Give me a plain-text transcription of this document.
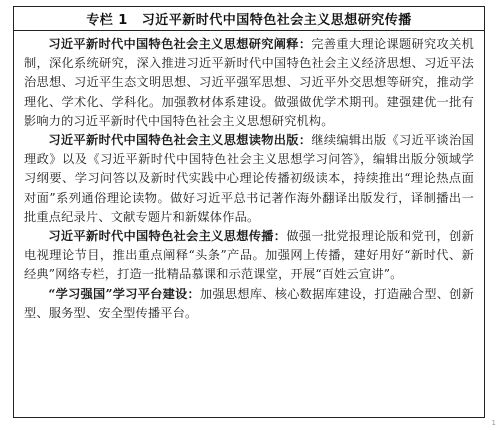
专栏 1 习近平新时代中国特色社会主义思想研究传播

习近平新时代中国特色社会主义思想研究阐释：完善重大理论课题研究攻关机制，深化系统研究，深入推进习近平新时代中国特色社会主义经济思想、习近平法治思想、习近平生态文明思想、习近平强军思想、习近平外交思想等研究，推动学理化、学术化、学科化。加强教材体系建设。做强做优学术期刊。建强建优一批有影响力的习近平新时代中国特色社会主义思想研究机构。

习近平新时代中国特色社会主义思想读物出版：继续编辑出版《习近平谈治国理政》以及《习近平新时代中国特色社会主义思想学习问答》，编辑出版分领域学习纲要、学习问答以及新时代实践中心理论传播初级读本，持续推出“理论热点面对面”系列通俗理论读物。做好习近平总书记著作海外翻译出版发行，译制播出一批重点纪录片、文献专题片和新媒体作品。

习近平新时代中国特色社会主义思想传播：做强一批党报理论版和党刊，创新电视理论节目，推出重点阐释“头条”产品。加强网上传播，建好用好“新时代、新经典”网络专栏，打造一批精品慕课和示范课堂，开展“百姓云宣讲”。

“学习强国”学习平台建设：加强思想库、核心数据库建设，打造融合型、创新型、服务型、安全型传播平台。

1
